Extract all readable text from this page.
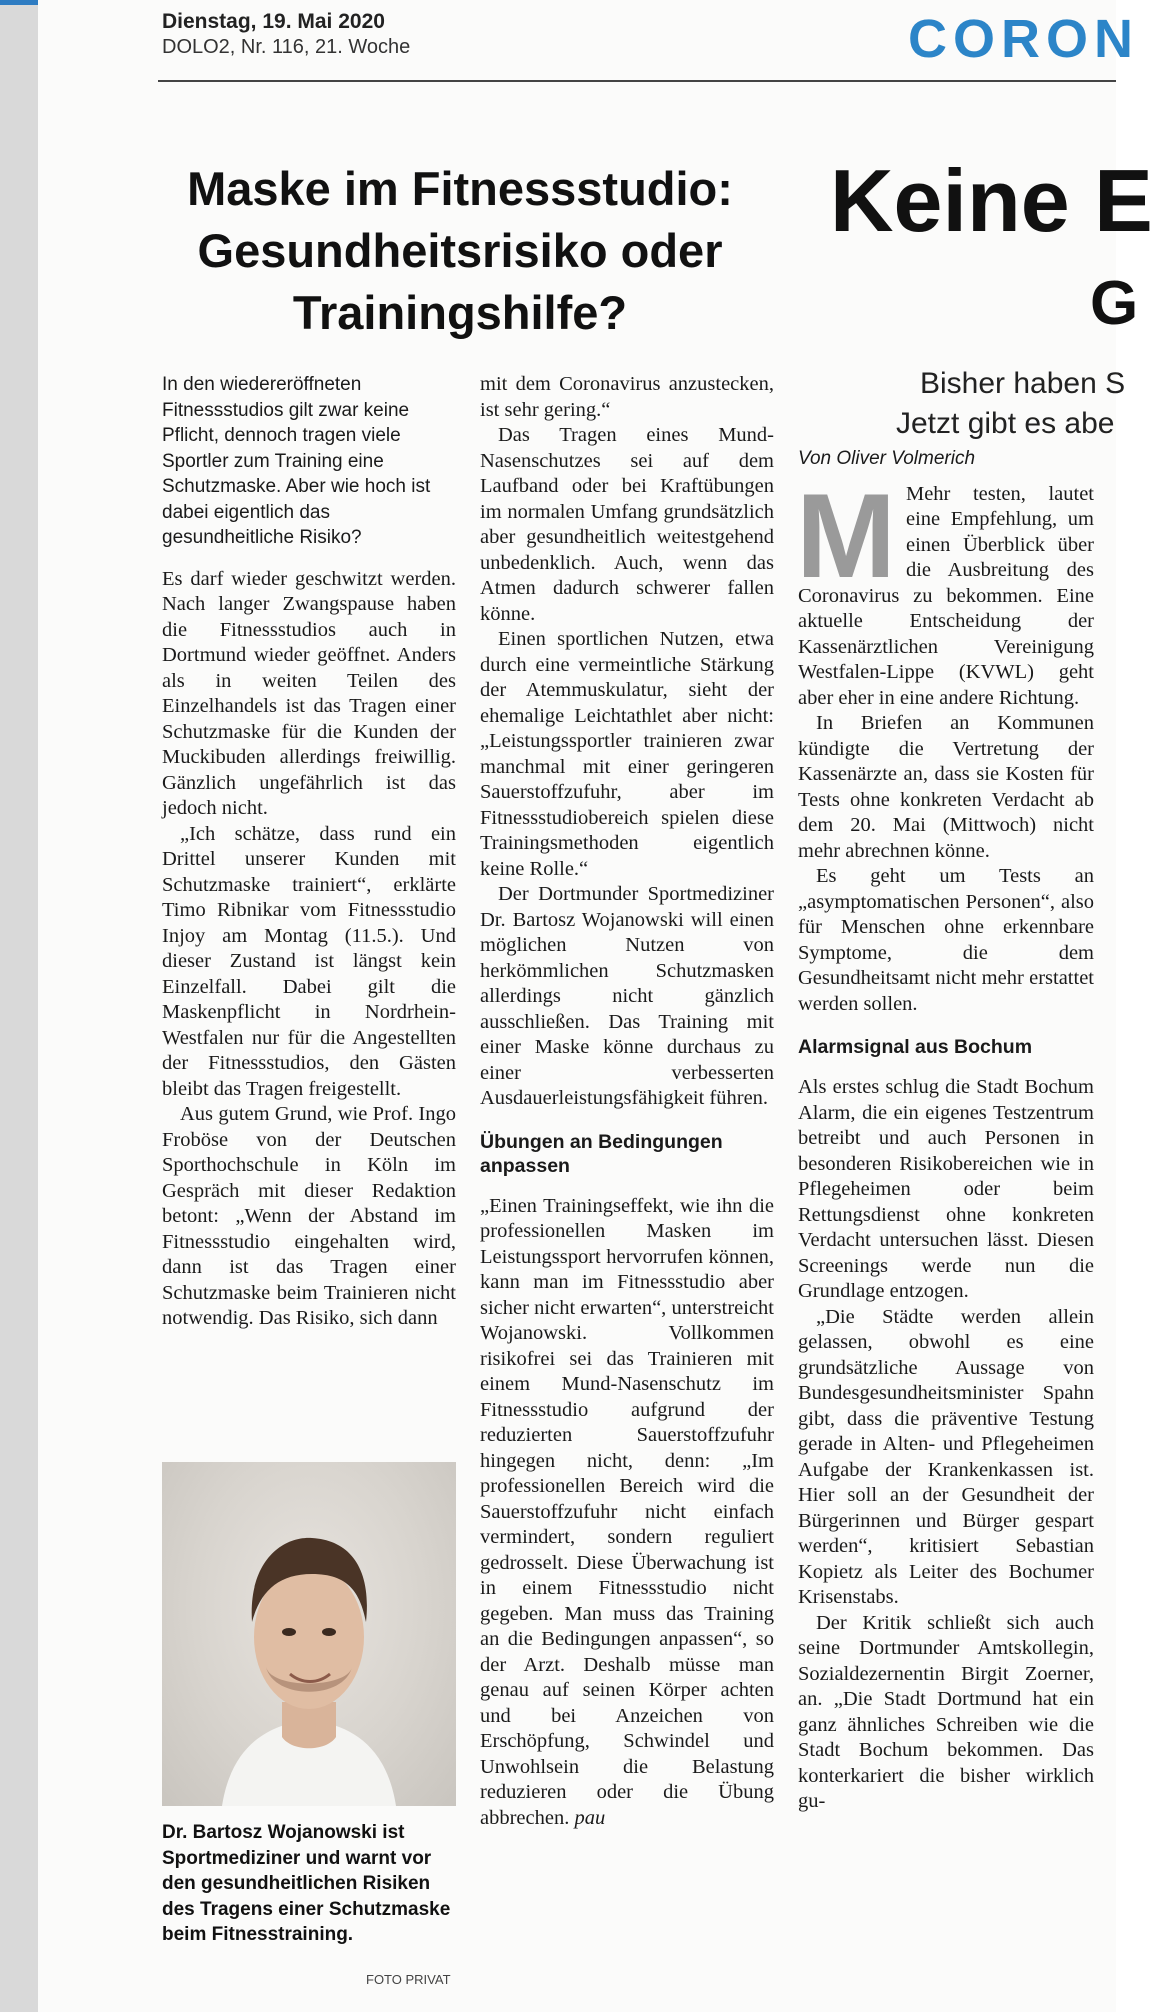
Dienstag, 19. Mai 2020
DOLO2, Nr. 116, 21. Woche	CORON
Maske im Fitnessstudio: Gesundheitsrisiko oder Trainingshilfe?
Keine E
G
Bisher haben S
Jetzt gibt es abe

In den wiedereröffneten Fitnessstudios gilt zwar keine Pflicht, dennoch tragen viele Sportler zum Training eine Schutzmaske. Aber wie hoch ist dabei eigentlich das gesundheitliche Risiko?

Es darf wieder geschwitzt werden. Nach langer Zwangspause haben die Fitnessstudios auch in Dortmund wieder geöffnet. Anders als in weiten Teilen des Einzelhandels ist das Tragen einer Schutzmaske für die Kunden der Muckibuden allerdings freiwillig. Gänzlich ungefährlich ist das jedoch nicht.

„Ich schätze, dass rund ein Drittel unserer Kunden mit Schutzmaske trainiert“, erklärte Timo Ribnikar vom Fitnessstudio Injoy am Montag (11.5.). Und dieser Zustand ist längst kein Einzelfall. Dabei gilt die Maskenpflicht in Nordrhein-Westfalen nur für die Angestellten der Fitnessstudios, den Gästen bleibt das Tragen freigestellt.

Aus gutem Grund, wie Prof. Ingo Froböse von der Deutschen Sporthochschule in Köln im Gespräch mit dieser Redaktion betont: „Wenn der Abstand im Fitnessstudio eingehalten wird, dann ist das Tragen einer Schutzmaske beim Trainieren nicht notwendig. Das Risiko, sich dann

Dr. Bartosz Wojanowski ist Sportmediziner und warnt vor den gesundheitlichen Risiken des Tragens einer Schutzmaske beim Fitnesstraining.
FOTO PRIVAT

mit dem Coronavirus anzustecken, ist sehr gering.“

Das Tragen eines Mund-Nasenschutzes sei auf dem Laufband oder bei Kraftübungen im normalen Umfang grundsätzlich aber gesundheitlich weitestgehend unbedenklich. Auch, wenn das Atmen dadurch schwerer fallen könne.

Einen sportlichen Nutzen, etwa durch eine vermeintliche Stärkung der Atemmuskulatur, sieht der ehemalige Leichtathlet aber nicht: „Leistungssportler trainieren zwar manchmal mit einer geringeren Sauerstoffzufuhr, aber im Fitnessstudiobereich spielen diese Trainingsmethoden eigentlich keine Rolle.“

Der Dortmunder Sportmediziner Dr. Bartosz Wojanowski will einen möglichen Nutzen von herkömmlichen Schutzmasken allerdings nicht gänzlich ausschließen. Das Training mit einer Maske könne durchaus zu einer verbesserten Ausdauerleistungsfähigkeit führen.

Übungen an Bedingungen anpassen

„Einen Trainingseffekt, wie ihn die professionellen Masken im Leistungssport hervorrufen können, kann man im Fitnessstudio aber sicher nicht erwarten“, unterstreicht Wojanowski. Vollkommen risikofrei sei das Trainieren mit einem Mund-Nasenschutz im Fitnessstudio aufgrund der reduzierten Sauerstoffzufuhr hingegen nicht, denn: „Im professionellen Bereich wird die Sauerstoffzufuhr nicht einfach vermindert, sondern reguliert gedrosselt. Diese Überwachung ist in einem Fitnessstudio nicht gegeben. Man muss das Training an die Bedingungen anpassen“, so der Arzt. Deshalb müsse man genau auf seinen Körper achten und bei Anzeichen von Erschöpfung, Schwindel und Unwohlsein die Belastung reduzieren oder die Übung abbrechen. pau

Von Oliver Volmerich

M Mehr testen, lautet eine Empfehlung, um einen Überblick über die Ausbreitung des Coronavirus zu bekommen. Eine aktuelle Entscheidung der Kassenärztlichen Vereinigung Westfalen-Lippe (KVWL) geht aber eher in eine andere Richtung.

In Briefen an Kommunen kündigte die Vertretung der Kassenärzte an, dass sie Kosten für Tests ohne konkreten Verdacht ab dem 20. Mai (Mittwoch) nicht mehr abrechnen könne.

Es geht um Tests an „asymptomatischen Personen“, also für Menschen ohne erkennbare Symptome, die dem Gesundheitsamt nicht mehr erstattet werden sollen.

Alarmsignal aus Bochum

Als erstes schlug die Stadt Bochum Alarm, die ein eigenes Testzentrum betreibt und auch Personen in besonderen Risikobereichen wie in Pflegeheimen oder beim Rettungsdienst ohne konkreten Verdacht untersuchen lässt. Diesen Screenings werde nun die Grundlage entzogen.

„Die Städte werden allein gelassen, obwohl es eine grundsätzliche Aussage von Bundesgesundheitsminister Spahn gibt, dass die präventive Testung gerade in Alten- und Pflegeheimen Aufgabe der Krankenkassen ist. Hier soll an der Gesundheit der Bürgerinnen und Bürger gespart werden“, kritisiert Sebastian Kopietz als Leiter des Bochumer Krisenstabs.

Der Kritik schließt sich auch seine Dortmunder Amtskollegin, Sozialdezernentin Birgit Zoerner, an. „Die Stadt Dortmund hat ein ganz ähnliches Schreiben wie die Stadt Bochum bekommen. Das konterkariert die bisher wirklich gu-
